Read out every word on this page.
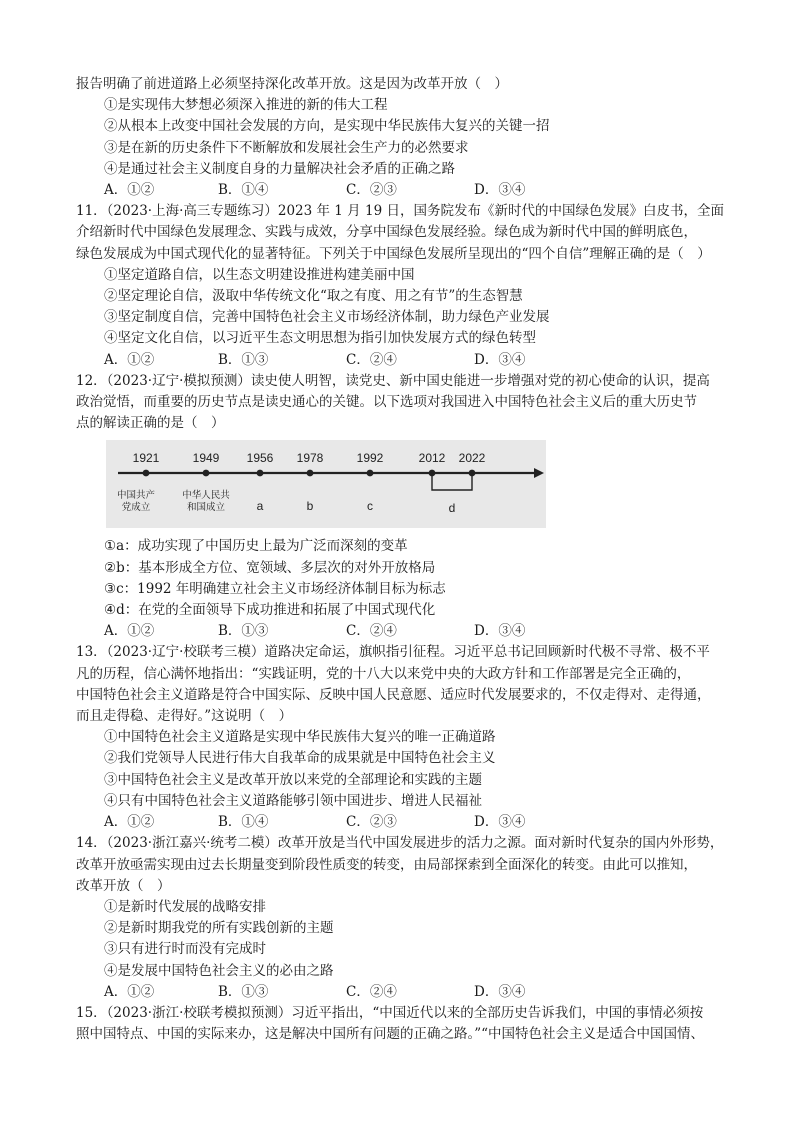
报告明确了前进道路上必须坚持深化改革开放。这是因为改革开放（　）
①是实现伟大梦想必须深入推进的新的伟大工程
②从根本上改变中国社会发展的方向，是实现中华民族伟大复兴的关键一招
③是在新的历史条件下不断解放和发展社会生产力的必然要求
④是通过社会主义制度自身的力量解决社会矛盾的正确之路
A．①②	B．①④	C．②③	D．③④
11．（2023·上海·高三专题练习）2023 年 1 月 19 日，国务院发布《新时代的中国绿色发展》白皮书，全面
介绍新时代中国绿色发展理念、实践与成效，分享中国绿色发展经验。绿色成为新时代中国的鲜明底色，
绿色发展成为中国式现代化的显著特征。下列关于中国绿色发展所呈现出的“四个自信”理解正确的是（　）
①坚定道路自信，以生态文明建设推进构建美丽中国
②坚定理论自信，汲取中华传统文化“取之有度、用之有节”的生态智慧
③坚定制度自信，完善中国特色社会主义市场经济体制，助力绿色产业发展
④坚定文化自信，以习近平生态文明思想为指引加快发展方式的绿色转型
A．①②	B．①③	C．②④	D．③④
12．（2023·辽宁·模拟预测）读史使人明智，读党史、新中国史能进一步增强对党的初心使命的认识，提高
政治觉悟，而重要的历史节点是读史通心的关键。以下选项对我国进入中国特色社会主义后的重大历史节
点的解读正确的是（　）
1921	1949 1956 1978	1992	2012 2022
中国共产
党成立
中华人民共
和国成立	a	b	c	d
①a：成功实现了中国历史上最为广泛而深刻的变革
②b：基本形成全方位、宽领域、多层次的对外开放格局
③c：1992 年明确建立社会主义市场经济体制目标为标志
④d：在党的全面领导下成功推进和拓展了中国式现代化
A．①②	B．①③	C．②④	D．③④
13．（2023·辽宁·校联考三模）道路决定命运，旗帜指引征程。习近平总书记回顾新时代极不寻常、极不平
凡的历程，信心满怀地指出：“实践证明，党的十八大以来党中央的大政方针和工作部署是完全正确的，
中国特色社会主义道路是符合中国实际、反映中国人民意愿、适应时代发展要求的，不仅走得对、走得通，
而且走得稳、走得好。”这说明（　）
①中国特色社会主义道路是实现中华民族伟大复兴的唯一正确道路
②我们党领导人民进行伟大自我革命的成果就是中国特色社会主义
③中国特色社会主义是改革开放以来党的全部理论和实践的主题
④只有中国特色社会主义道路能够引领中国进步、增进人民福祉
A．①②	B．①④	C．②③	D．③④
14．（2023·浙江嘉兴·统考二模）改革开放是当代中国发展进步的活力之源。面对新时代复杂的国内外形势，
改革开放亟需实现由过去长期量变到阶段性质变的转变，由局部探索到全面深化的转变。由此可以推知，
改革开放（　）
①是新时代发展的战略安排
②是新时期我党的所有实践创新的主题
③只有进行时而没有完成时
④是发展中国特色社会主义的必由之路
A．①②	B．①③	C．②④	D．③④
15．（2023·浙江·校联考模拟预测）习近平指出，“中国近代以来的全部历史告诉我们，中国的事情必须按
照中国特点、中国的实际来办，这是解决中国所有问题的正确之路。”“中国特色社会主义是适合中国国情、
